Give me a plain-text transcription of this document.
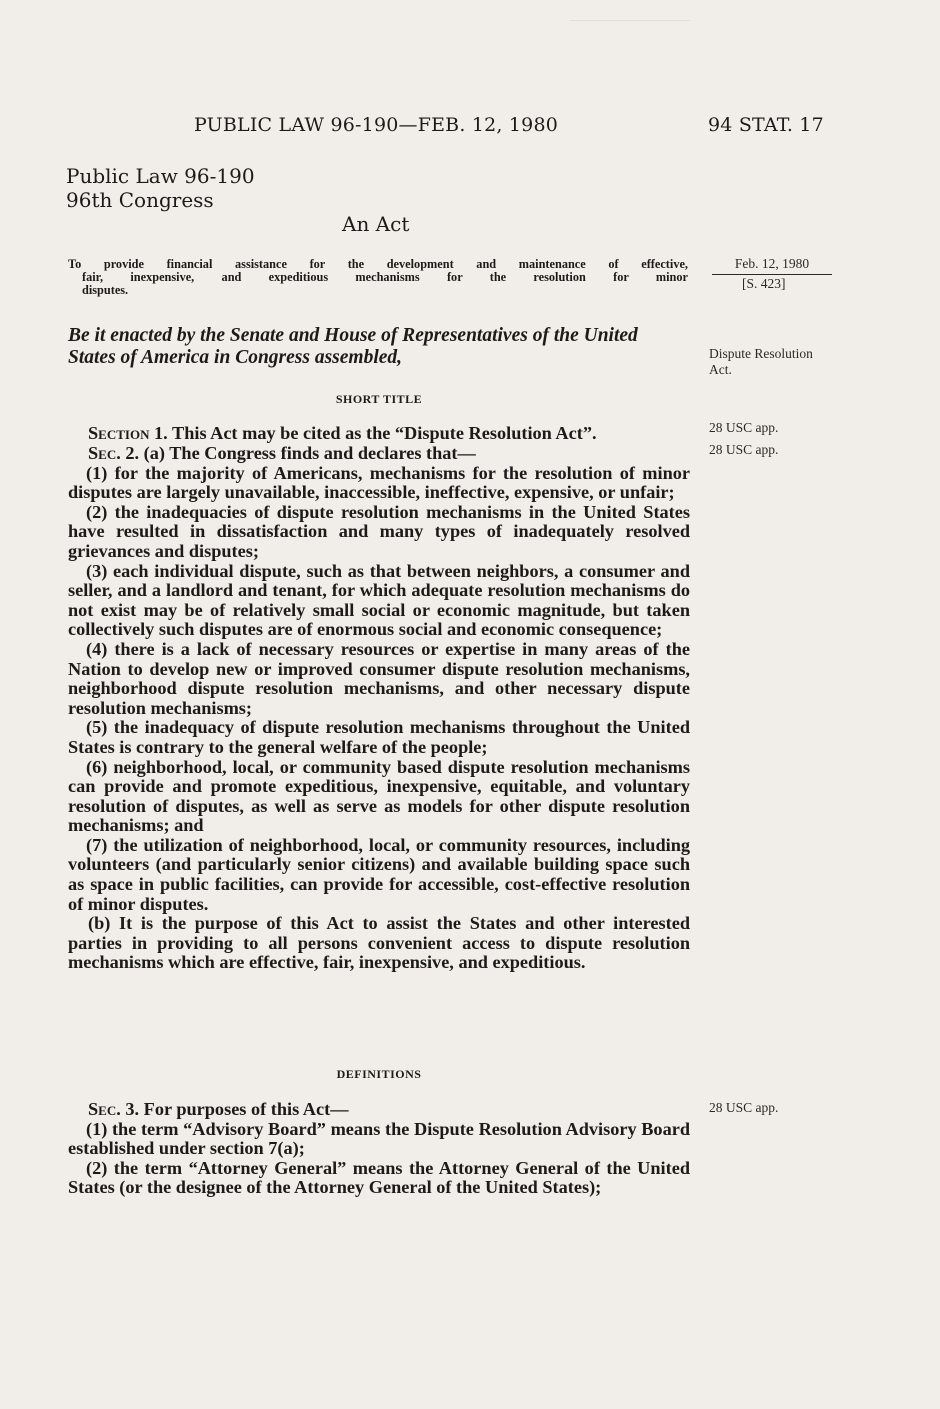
PUBLIC LAW 96-190—FEB. 12, 1980	94 STAT. 17
Public Law 96-190
96th Congress
An Act
To provide financial assistance for the development and maintenance of effective,
fair, inexpensive, and expeditious mechanisms for the resolution for minor
disputes.
Feb. 12, 1980
[S. 423]
Dispute Resolution Act.
28 USC app.
28 USC app.
28 USC app.
Be it enacted by the Senate and House of Representatives of the United States of America in Congress assembled,
SHORT TITLE

Section 1. This Act may be cited as the “Dispute Resolution Act”.

Sec. 2. (a) The Congress finds and declares that—

(1) for the majority of Americans, mechanisms for the resolution of minor disputes are largely unavailable, inaccessible, ineffective, expensive, or unfair;

(2) the inadequacies of dispute resolution mechanisms in the United States have resulted in dissatisfaction and many types of inadequately resolved grievances and disputes;

(3) each individual dispute, such as that between neighbors, a consumer and seller, and a landlord and tenant, for which adequate resolution mechanisms do not exist may be of relatively small social or economic magnitude, but taken collectively such disputes are of enormous social and economic consequence;

(4) there is a lack of necessary resources or expertise in many areas of the Nation to develop new or improved consumer dispute resolution mechanisms, neighborhood dispute resolution mechanisms, and other necessary dispute resolution mechanisms;

(5) the inadequacy of dispute resolution mechanisms throughout the United States is contrary to the general welfare of the people;

(6) neighborhood, local, or community based dispute resolution mechanisms can provide and promote expeditious, inexpensive, equitable, and voluntary resolution of disputes, as well as serve as models for other dispute resolution mechanisms; and

(7) the utilization of neighborhood, local, or community resources, including volunteers (and particularly senior citizens) and available building space such as space in public facilities, can provide for accessible, cost-effective resolution of minor disputes.

(b) It is the purpose of this Act to assist the States and other interested parties in providing to all persons convenient access to dispute resolution mechanisms which are effective, fair, inexpensive, and expeditious.

DEFINITIONS

Sec. 3. For purposes of this Act—

(1) the term “Advisory Board” means the Dispute Resolution Advisory Board established under section 7(a);

(2) the term “Attorney General” means the Attorney General of the United States (or the designee of the Attorney General of the United States);
